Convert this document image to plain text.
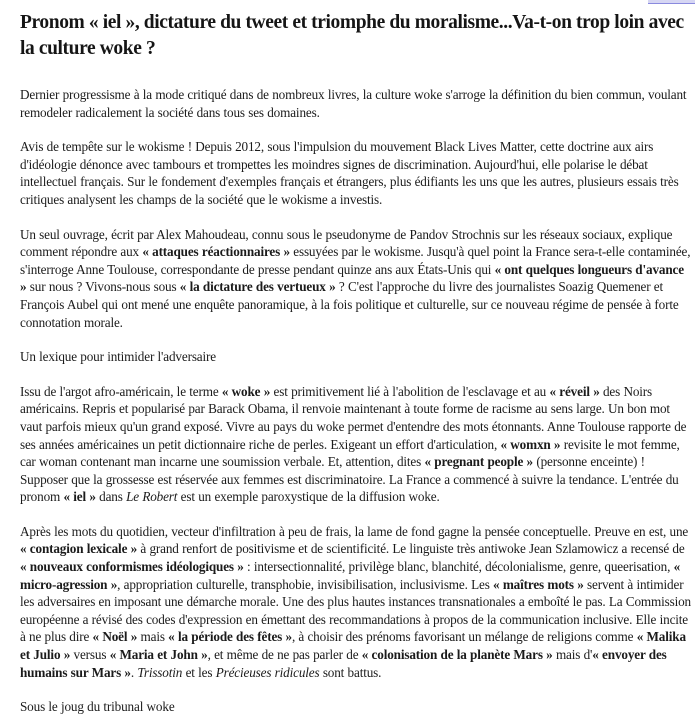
Pronom « iel », dictature du tweet et triomphe du moralisme...Va-t-on trop loin avec la culture woke ?

Dernier progressisme à la mode critiqué dans de nombreux livres, la culture woke s'arroge la définition du bien commun, voulant remodeler radicalement la société dans tous ses domaines.

Avis de tempête sur le wokisme ! Depuis 2012, sous l'impulsion du mouvement Black Lives Matter, cette doctrine aux airs d'idéologie dénonce avec tambours et trompettes les moindres signes de discrimination. Aujourd'hui, elle polarise le débat intellectuel français. Sur le fondement d'exemples français et étrangers, plus édifiants les uns que les autres, plusieurs essais très critiques analysent les champs de la société que le wokisme a investis.

Un seul ouvrage, écrit par Alex Mahoudeau, connu sous le pseudonyme de Pandov Strochnis sur les réseaux sociaux, explique comment répondre aux « attaques réactionnaires » essuyées par le wokisme. Jusqu'à quel point la France sera-t-elle contaminée, s'interroge Anne Toulouse, correspondante de presse pendant quinze ans aux États-Unis qui « ont quelques longueurs d'avance » sur nous ? Vivons-nous sous « la dictature des vertueux » ? C'est l'approche du livre des journalistes Soazig Quemener et François Aubel qui ont mené une enquête panoramique, à la fois politique et culturelle, sur ce nouveau régime de pensée à forte connotation morale.

Un lexique pour intimider l'adversaire

Issu de l'argot afro-américain, le terme « woke » est primitivement lié à l'abolition de l'esclavage et au « réveil » des Noirs américains. Repris et popularisé par Barack Obama, il renvoie maintenant à toute forme de racisme au sens large. Un bon mot vaut parfois mieux qu'un grand exposé. Vivre au pays du woke permet d'entendre des mots étonnants. Anne Toulouse rapporte de ses années américaines un petit dictionnaire riche de perles. Exigeant un effort d'articulation, « womxn » revisite le mot femme, car woman contenant man incarne une soumission verbale. Et, attention, dites « pregnant people » (personne enceinte) ! Supposer que la grossesse est réservée aux femmes est discriminatoire. La France a commencé à suivre la tendance. L'entrée du pronom « iel » dans Le Robert est un exemple paroxystique de la diffusion woke.

Après les mots du quotidien, vecteur d'infiltration à peu de frais, la lame de fond gagne la pensée conceptuelle. Preuve en est, une « contagion lexicale » à grand renfort de positivisme et de scientificité. Le linguiste très antiwoke Jean Szlamowicz a recensé de « nouveaux conformismes idéologiques » : intersectionnalité, privilège blanc, blanchité, décolonialisme, genre, queerisation, « micro-agression », appropriation culturelle, transphobie, invisibilisation, inclusivisme. Les « maîtres mots » servent à intimider les adversaires en imposant une démarche morale. Une des plus hautes instances transnationales a emboîté le pas. La Commission européenne a révisé des codes d'expression en émettant des recommandations à propos de la communication inclusive. Elle incite à ne plus dire « Noël » mais « la période des fêtes », à choisir des prénoms favorisant un mélange de religions comme « Malika et Julio » versus « Maria et John », et même de ne pas parler de « colonisation de la planète Mars » mais d'« envoyer des humains sur Mars ». Trissotin et les Précieuses ridicules sont battus.

Sous le joug du tribunal woke
